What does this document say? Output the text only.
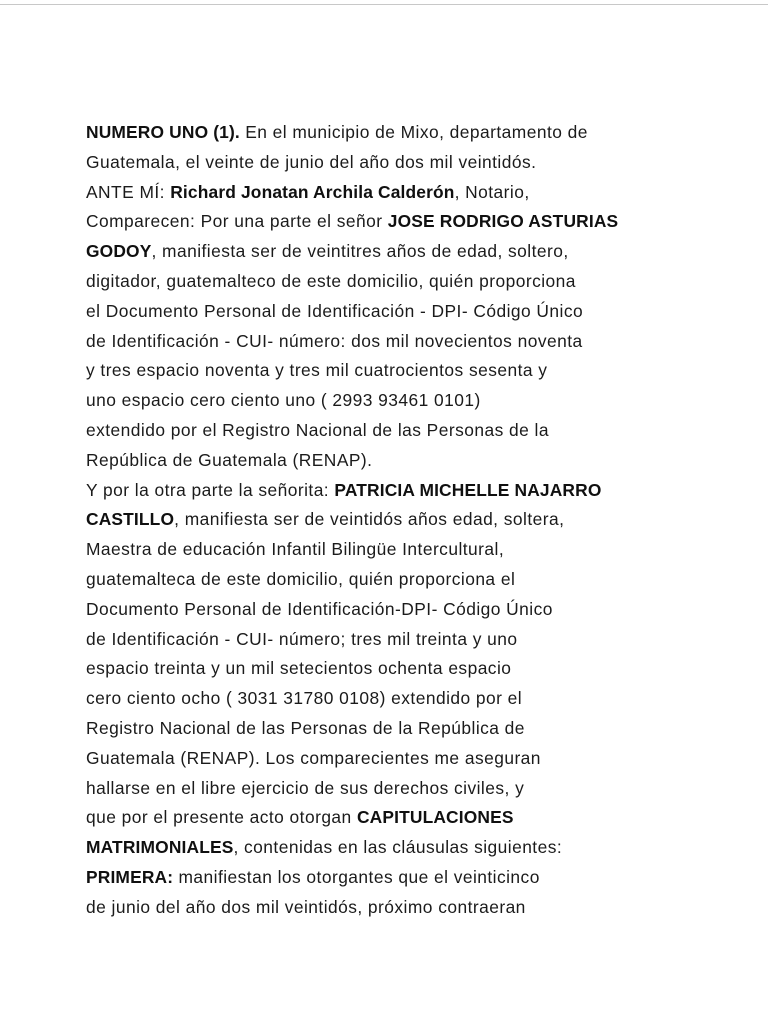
NUMERO UNO (1). En el municipio de Mixo, departamento de
Guatemala, el veinte de junio del año dos mil veintidós.
ANTE MÍ: Richard Jonatan Archila Calderón, Notario,
Comparecen: Por una parte el señor JOSE RODRIGO ASTURIAS
GODOY, manifiesta ser de veintitres años de edad, soltero,
digitador, guatemalteco de este domicilio, quién proporciona
el Documento Personal de Identificación - DPI- Código Único
de Identificación - CUI- número: dos mil novecientos noventa
y tres espacio noventa y tres mil cuatrocientos sesenta y
uno espacio cero ciento uno ( 2993 93461 0101)
extendido por el Registro Nacional de las Personas de la
República de Guatemala (RENAP).
Y por la otra parte la señorita: PATRICIA MICHELLE NAJARRO
CASTILLO, manifiesta ser de veintidós años edad, soltera,
Maestra de educación Infantil Bilingüe Intercultural,
guatemalteca de este domicilio, quién proporciona el
Documento Personal de Identificación-DPI- Código Único
de Identificación - CUI- número; tres mil treinta y uno
espacio treinta y un mil setecientos ochenta espacio
cero ciento ocho ( 3031 31780 0108) extendido por el
Registro Nacional de las Personas de la República de
Guatemala (RENAP). Los comparecientes me aseguran
hallarse en el libre ejercicio de sus derechos civiles, y
que por el presente acto otorgan CAPITULACIONES
MATRIMONIALES, contenidas en las cláusulas siguientes:
PRIMERA: manifiestan los otorgantes que el veinticinco
de junio del año dos mil veintidós, próximo contraeran
